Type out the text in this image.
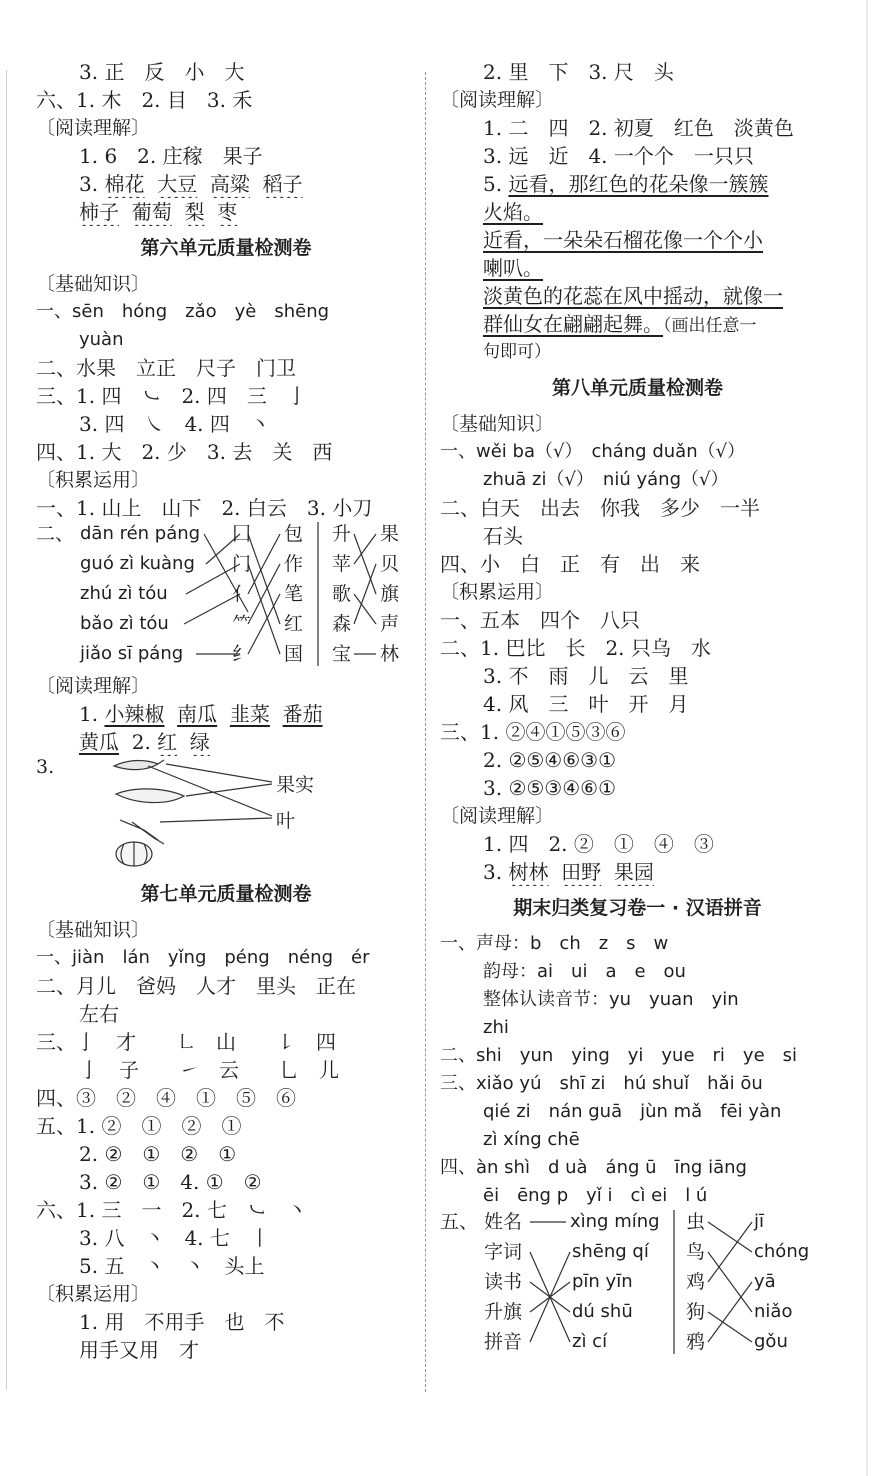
3. 正　反　小　大
六、1. 木　2. 目　3. 禾
〔阅读理解〕
1. 6　2. 庄稼　果子
3. 棉花 大豆 高粱 稻子
柿子 葡萄 梨 枣
第六单元质量检测卷
〔基础知识〕
一、sēn　hóng　zǎo　yè　shēng
yuàn
二、水果　立正　尺子　门卫
三、1. 四　㇃　2. 四　三　亅
3. 四　㇏　4. 四　丶
四、1. 大　2. 少　3. 去　关　西
〔积累运用〕
一、1. 山上　山下　2. 白云　3. 小刀
二、 dān rén páng
guó zì kuàng
zhú zì tóu
bǎo zì tóu
jiǎo sī páng
囗
门
亻
⺮
纟
包
作
笔
红
国
升
苹
歌
森
宝
果
贝
旗
声
林
〔阅读理解〕
1. 小辣椒 南瓜 韭菜 番茄
黄瓜 2. 红 绿
3.
果实
叶
第七单元质量检测卷
〔基础知识〕
一、jiàn　lán　yǐng　péng　néng　ér
二、月儿　爸妈　人才　里头　正在
左右
三、亅　才　　㇗　山　　㇙　四
亅　子　　㇀　云　　乚　儿
四、③　②　④　①　⑤　⑥
五、1. ②　①　②　①
2. ②　①　②　①
3. ②　①　4. ①　②
六、1. 三　一　2. 七　㇃　丶
3. 八　丶　4. 七　丨
5. 五　丶　丶　头上
〔积累运用〕
1. 用　不用手　也　不
用手又用　才
2. 里　下　3. 尺　头
〔阅读理解〕
1. 二　四　2. 初夏　红色　淡黄色
3. 远　近　4. 一个个　一只只
5. 远看，那红色的花朵像一簇簇
火焰。
近看，一朵朵石榴花像一个个小
喇叭。
淡黄色的花蕊在风中摇动，就像一
群仙女在翩翩起舞。（画出任意一
句即可）
第八单元质量检测卷
〔基础知识〕
一、wěi ba（√）　cháng duǎn（√）
zhuā zi（√）　niú yáng（√）
二、白天　出去　你我　多少　一半
石头
四、小　白　正　有　出　来
〔积累运用〕
一、五本　四个　八只
二、1. 巴比　长　2. 只乌　水
3. 不　雨　儿　云　里
4. 风　三　叶　开　月
三、1. ②④①⑤③⑥
2. ②⑤④⑥③①
3. ②⑤③④⑥①
〔阅读理解〕
1. 四　2. ②　①　④　③
3. 树林 田野 果园
期末归类复习卷一 · 汉语拼音
一、声母：b　ch　z　s　w
韵母：ai　ui　a　e　ou
整体认读音节：yu　yuan　yin
zhi
二、shi　yun　ying　yi　yue　ri　ye　si
三、xiǎo yú　shī zi　hú shuǐ　hǎi ōu
qié zi　nán guā　jùn mǎ　fēi yàn
zì xíng chē
四、àn shì　d uà　áng ū　īng iāng
ēi　ēng p　yǐ i　cì ei　l ú
五、 姓名
字词
读书
升旗
拼音
xìng míng
shēng qí
pīn yīn
dú shū
zì cí
虫
鸟
鸡
狗
鸦
jī
chóng
yā
niǎo
gǒu
